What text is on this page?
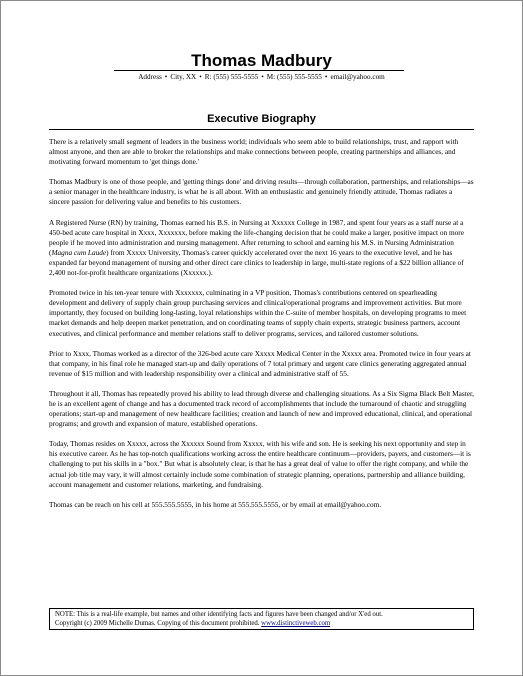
Thomas Madbury
Address • City, XX • R: (555) 555-5555 • M: (555) 555-5555 • email@yahoo.com
Executive Biography

There is a relatively small segment of leaders in the business world; individuals who seem able to build relationships, trust, and rapport with almost anyone, and then are able to broker the relationships and make connections between people, creating partnerships and alliances, and motivating forward momentum to 'get things done.'

Thomas Madbury is one of those people, and 'getting things done' and driving results—through collaboration, partnerships, and relationships—as a senior manager in the healthcare industry, is what he is all about. With an enthusiastic and genuinely friendly attitude, Thomas radiates a sincere passion for delivering value and benefits to his customers.

A Registered Nurse (RN) by training, Thomas earned his B.S. in Nursing at Xxxxxx College in 1987, and spent four years as a staff nurse at a 450-bed acute care hospital in Xxxx, Xxxxxxx, before making the life-changing decision that he could make a larger, positive impact on more people if he moved into administration and nursing management. After returning to school and earning his M.S. in Nursing Administration (Magna cum Laude) from Xxxxx University, Thomas's career quickly accelerated over the next 16 years to the executive level, and he has expanded far beyond management of nursing and other direct care clinics to leadership in large, multi-state regions of a $22 billion alliance of 2,400 not-for-profit healthcare organizations (Xxxxxx.).

Promoted twice in his ten-year tenure with Xxxxxxx, culminating in a VP position, Thomas's contributions centered on spearheading development and delivery of supply chain group purchasing services and clinical/operational programs and improvement activities. But more importantly, they focused on building long-lasting, loyal relationships within the C-suite of member hospitals, on developing programs to meet market demands and help deepen market penetration, and on coordinating teams of supply chain experts, strategic business partners, account executives, and clinical performance and member relations staff to deliver programs, services, and tailored customer solutions.

Prior to Xxxx, Thomas worked as a director of the 326-bed acute care Xxxxx Medical Center in the Xxxxx area. Promoted twice in four years at that company, in his final role he managed start-up and daily operations of 7 total primary and urgent care clinics generating aggregated annual revenue of $15 million and with leadership responsibility over a clinical and administrative staff of 55.

Throughout it all, Thomas has repeatedly proved his ability to lead through diverse and challenging situations. As a Six Sigma Black Belt Master, he is an excellent agent of change and has a documented track record of accomplishments that include the turnaround of chaotic and struggling operations; start-up and management of new healthcare facilities; creation and launch of new and improved educational, clinical, and operational programs; and growth and expansion of mature, established operations.

Today, Thomas resides on Xxxxx, across the Xxxxxx Sound from Xxxxx, with his wife and son. He is seeking his next opportunity and step in his executive career. As he has top-notch qualifications working across the entire healthcare continuum—providers, payers, and customers—it is challenging to put his skills in a "box." But what is absolutely clear, is that he has a great deal of value to offer the right company, and while the actual job title may vary, it will almost certainly include some combination of strategic planning, operations, partnership and alliance building, account management and customer relations, marketing, and fundraising.

Thomas can be reach on his cell at 555.555.5555, in his home at 555.555.5555, or by email at email@yahoo.com.

NOTE: This is a real-life example, but names and other identifying facts and figures have been changed and/or X'ed out.
Copyright (c) 2009 Michelle Dumas. Copying of this document prohibited. www.distinctiveweb.com
